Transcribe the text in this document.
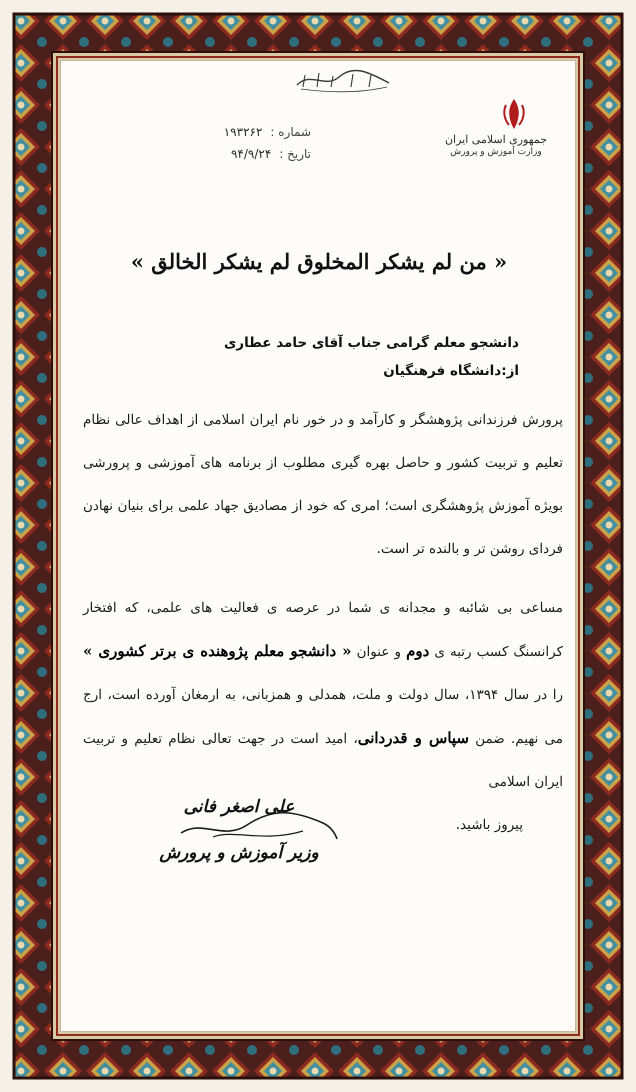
جمهوری اسلامی ایران
وزارت آموزش و پرورش
شماره :
۱۹۳۲۶۲
تاریخ :
۹۴/۹/۲۴
« من لم یشکر المخلوق لم یشکر الخالق »
دانشجو معلم گرامی جناب آقای حامد عطاری
از:دانشگاه فرهنگیان

پرورش فرزندانی پژوهشگر و کارآمد و در خور نام ایران اسلامی از اهداف عالی نظام تعلیم و تربیت کشور و حاصل بهره گیری مطلوب از برنامه های آموزشی و پرورشی بویژه آموزش پژوهشگری است؛ امری که خود از مصادیق جهاد علمی برای بنیان نهادن فردای روشن تر و بالنده تر است.

مساعی بی شائبه و مجدانه ی شما در عرصه ی فعالیت های علمی، که افتخار کرانسنگ کسب رتبه ی دوم و عنوان « دانشجو معلم پژوهنده ی برتر کشوری » را در سال ۱۳۹۴، سال دولت و ملت، همدلی و همزبانی، به ارمغان آورده است، ارج می نهیم. ضمن سپاس و قدردانی، امید است در جهت تعالی نظام تعلیم و تربیت ایران اسلامی
پیروز باشید.

علی اصغر فانی
وزیر آموزش و پرورش
